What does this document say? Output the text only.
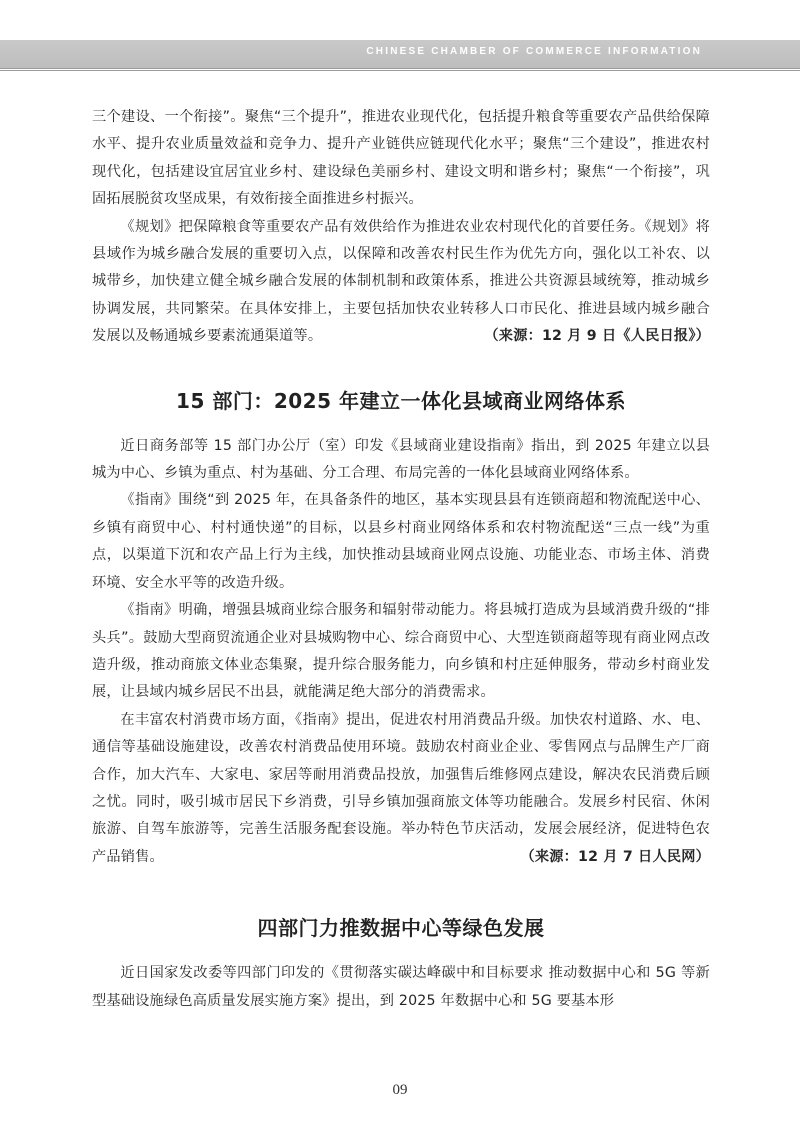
CHINESE CHAMBER OF COMMERCE INFORMATION

三个建设、一个衔接”。聚焦“三个提升”，推进农业现代化，包括提升粮食等重要农产品供给保障水平、提升农业质量效益和竞争力、提升产业链供应链现代化水平；聚焦“三个建设”，推进农村现代化，包括建设宜居宜业乡村、建设绿色美丽乡村、建设文明和谐乡村；聚焦“一个衔接”，巩固拓展脱贫攻坚成果，有效衔接全面推进乡村振兴。

《规划》把保障粮食等重要农产品有效供给作为推进农业农村现代化的首要任务。《规划》将县域作为城乡融合发展的重要切入点，以保障和改善农村民生作为优先方向，强化以工补农、以城带乡，加快建立健全城乡融合发展的体制机制和政策体系，推进公共资源县域统筹，推动城乡协调发展，共同繁荣。在具体安排上，主要包括加快农业转移人口市民化、推进县域内城乡融合发展以及畅通城乡要素流通渠道等。	（来源：12 月 9 日《人民日报》）

15 部门：2025 年建立一体化县域商业网络体系

近日商务部等 15 部门办公厅（室）印发《县域商业建设指南》指出，到 2025 年建立以县城为中心、乡镇为重点、村为基础、分工合理、布局完善的一体化县域商业网络体系。

《指南》围绕“到 2025 年，在具备条件的地区，基本实现县县有连锁商超和物流配送中心、乡镇有商贸中心、村村通快递”的目标，以县乡村商业网络体系和农村物流配送“三点一线”为重点，以渠道下沉和农产品上行为主线，加快推动县域商业网点设施、功能业态、市场主体、消费环境、安全水平等的改造升级。

《指南》明确，增强县城商业综合服务和辐射带动能力。将县城打造成为县域消费升级的“排头兵”。鼓励大型商贸流通企业对县城购物中心、综合商贸中心、大型连锁商超等现有商业网点改造升级，推动商旅文体业态集聚，提升综合服务能力，向乡镇和村庄延伸服务，带动乡村商业发展，让县域内城乡居民不出县，就能满足绝大部分的消费需求。

在丰富农村消费市场方面，《指南》提出，促进农村用消费品升级。加快农村道路、水、电、通信等基础设施建设，改善农村消费品使用环境。鼓励农村商业企业、零售网点与品牌生产厂商合作，加大汽车、大家电、家居等耐用消费品投放，加强售后维修网点建设，解决农民消费后顾之忧。同时，吸引城市居民下乡消费，引导乡镇加强商旅文体等功能融合。发展乡村民宿、休闲旅游、自驾车旅游等，完善生活服务配套设施。举办特色节庆活动，发展会展经济，促进特色农产品销售。	（来源：12 月 7 日人民网）

四部门力推数据中心等绿色发展

近日国家发改委等四部门印发的《贯彻落实碳达峰碳中和目标要求 推动数据中心和 5G 等新型基础设施绿色高质量发展实施方案》提出，到 2025 年数据中心和 5G 要基本形

09
